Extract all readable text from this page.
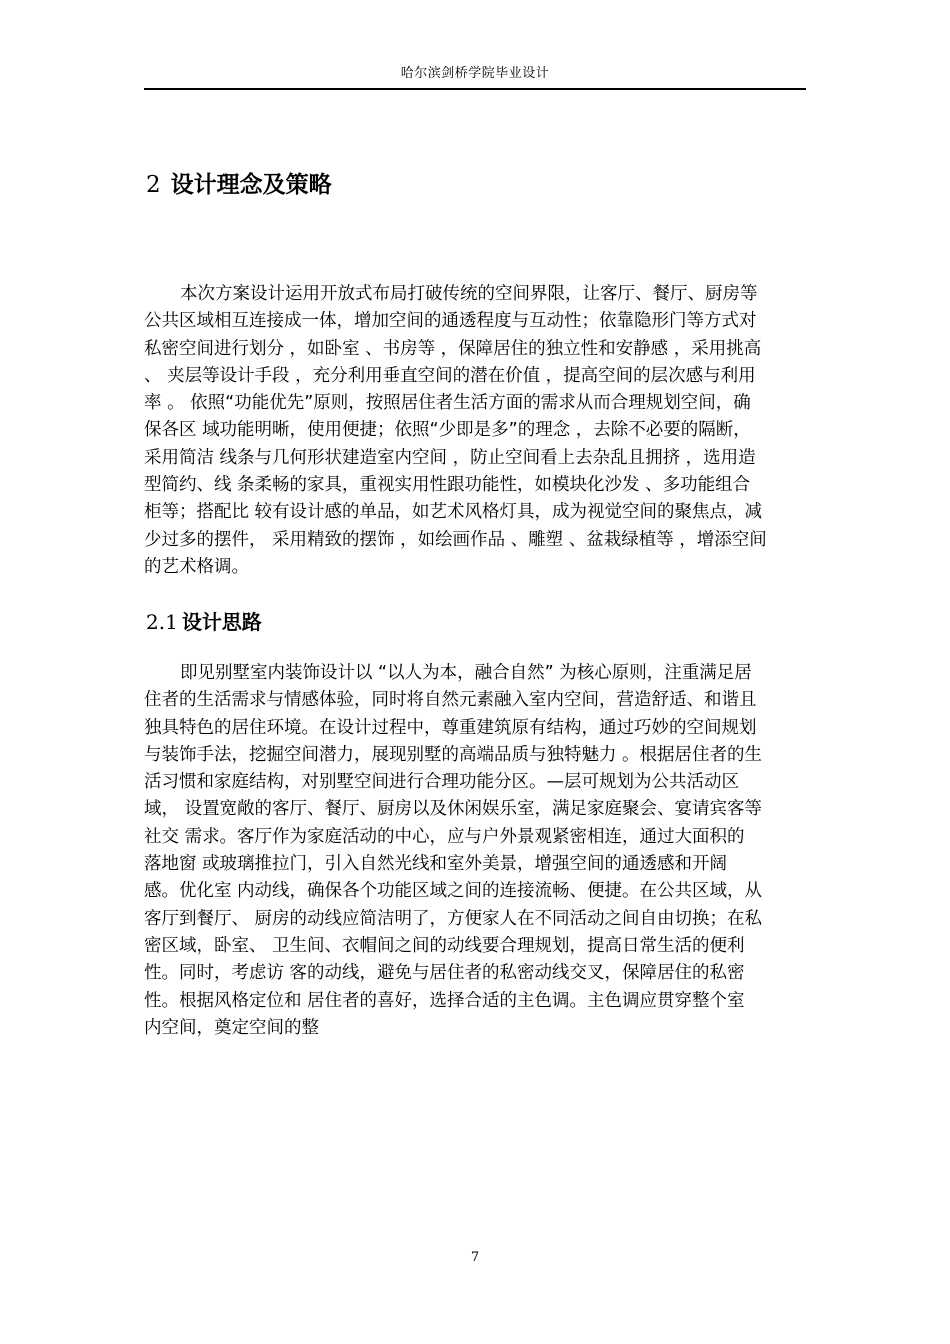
哈尔滨剑桥学院毕业设计
2 设计理念及策略

本次方案设计运用开放式布局打破传统的空间界限，让客厅、餐厅、厨房等
公共区域相互连接成一体，增加空间的通透程度与互动性；依靠隐形门等方式对
私密空间进行划分 ，如卧室 、书房等 ，保障居住的独立性和安静感 ，采用挑高
、 夹层等设计手段 ，充分利用垂直空间的潜在价值 ，提高空间的层次感与利用
率 。 依照“功能优先”原则，按照居住者生活方面的需求从而合理规划空间，确
保各区 域功能明晰，使用便捷；依照“少即是多”的理念 ，去除不必要的隔断，
采用简洁 线条与几何形状建造室内空间 ，防止空间看上去杂乱且拥挤 ，选用造
型简约、线 条柔畅的家具，重视实用性跟功能性，如模块化沙发 、多功能组合
柜等；搭配比 较有设计感的单品，如艺术风格灯具，成为视觉空间的聚焦点，减
少过多的摆件， 采用精致的摆饰 ，如绘画作品 、雕塑 、盆栽绿植等 ，增添空间
的艺术格调。

2.1 设计思路

即见别墅室内装饰设计以 “以人为本，融合自然” 为核心原则，注重满足居
住者的生活需求与情感体验，同时将自然元素融入室内空间，营造舒适、和谐且
独具特色的居住环境。在设计过程中，尊重建筑原有结构，通过巧妙的空间规划
与装饰手法，挖掘空间潜力，展现别墅的高端品质与独特魅力 。根据居住者的生
活习惯和家庭结构，对别墅空间进行合理功能分区。—层可规划为公共活动区
域， 设置宽敞的客厅、餐厅、厨房以及休闲娱乐室，满足家庭聚会、宴请宾客等
社交 需求。客厅作为家庭活动的中心，应与户外景观紧密相连，通过大面积的
落地窗 或玻璃推拉门，引入自然光线和室外美景，增强空间的通透感和开阔
感。优化室 内动线，确保各个功能区域之间的连接流畅、便捷。在公共区域，从
客厅到餐厅、 厨房的动线应简洁明了，方便家人在不同活动之间自由切换；在私
密区域，卧室、 卫生间、衣帽间之间的动线要合理规划，提高日常生活的便利
性。同时，考虑访 客的动线，避免与居住者的私密动线交叉，保障居住的私密
性。根据风格定位和 居住者的喜好，选择合适的主色调。主色调应贯穿整个室
内空间，奠定空间的整

7
